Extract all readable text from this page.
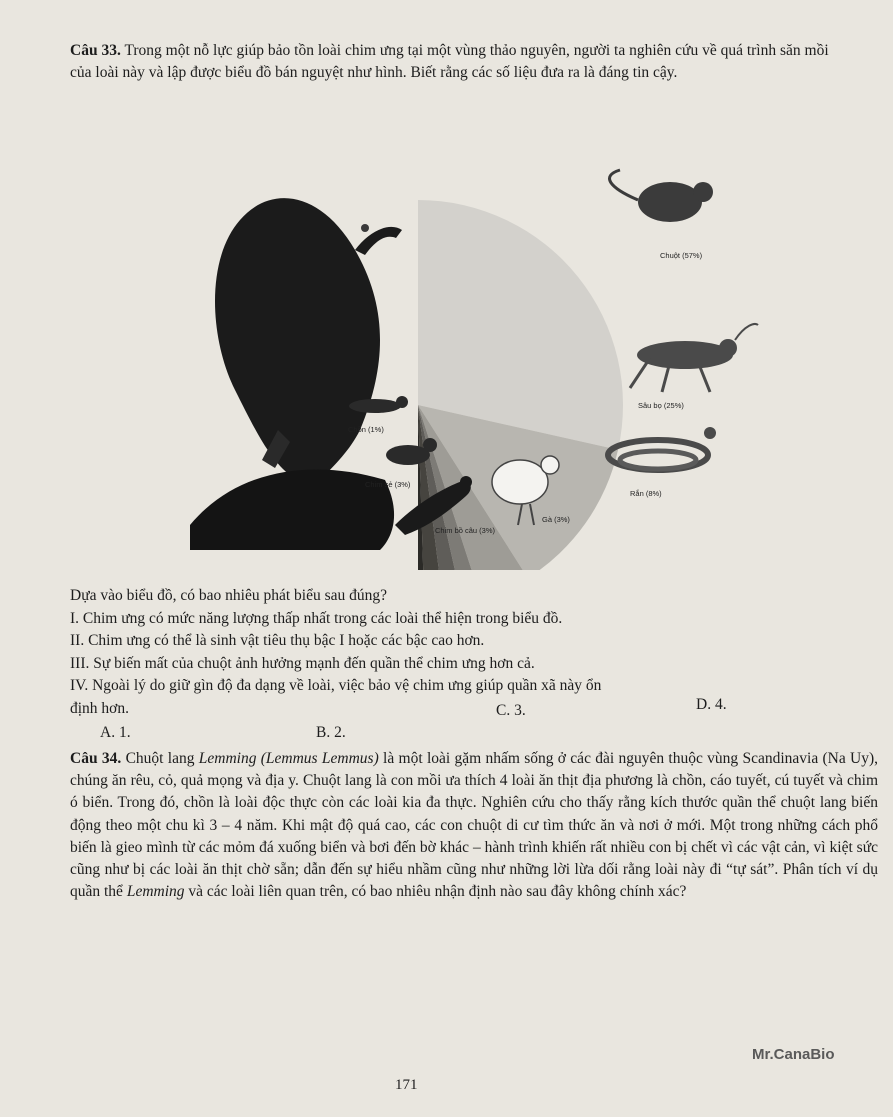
Câu 33. Trong một nỗ lực giúp bảo tồn loài chim ưng tại một vùng thảo nguyên, người ta nghiên cứu về quá trình săn mồi của loài này và lập được biểu đồ bán nguyệt như hình. Biết rằng các số liệu đưa ra là đáng tin cậy.

Chuột (57%)
Sâu bọ (25%)
Rắn (8%)
Gà (3%)
Chim bồ câu (3%)
Chim sẻ (3%)
Chồn (1%)
Dựa vào biểu đồ, có bao nhiêu phát biểu sau đúng?
I. Chim ưng có mức năng lượng thấp nhất trong các loài thể hiện trong biểu đồ.
II. Chim ưng có thể là sinh vật tiêu thụ bậc I hoặc các bậc cao hơn.
III. Sự biến mất của chuột ảnh hưởng mạnh đến quần thể chim ưng hơn cả.
IV. Ngoài lý do giữ gìn độ đa dạng về loài, việc bảo vệ chim ưng giúp quần xã này ổn
định hơn.
A. 1.	B. 2.
C. 3.	D. 4.

Câu 34. Chuột lang Lemming (Lemmus Lemmus) là một loài gặm nhấm sống ở các đài nguyên thuộc vùng Scandinavia (Na Uy), chúng ăn rêu, cỏ, quả mọng và địa y. Chuột lang là con mồi ưa thích 4 loài ăn thịt địa phương là chồn, cáo tuyết, cú tuyết và chim ó biển. Trong đó, chồn là loài độc thực còn các loài kia đa thực. Nghiên cứu cho thấy rằng kích thước quần thể chuột lang biến động theo một chu kì 3 – 4 năm. Khi mật độ quá cao, các con chuột di cư tìm thức ăn và nơi ở mới. Một trong những cách phổ biến là gieo mình từ các mỏm đá xuống biển và bơi đến bờ khác – hành trình khiến rất nhiều con bị chết vì các vật cản, vì kiệt sức cũng như bị các loài ăn thịt chờ sẵn; dẫn đến sự hiểu nhầm cũng như những lời lừa dối rằng loài này đi “tự sát”. Phân tích ví dụ quần thể Lemming và các loài liên quan trên, có bao nhiêu nhận định nào sau đây không chính xác?

Mr.CanaBio
171
